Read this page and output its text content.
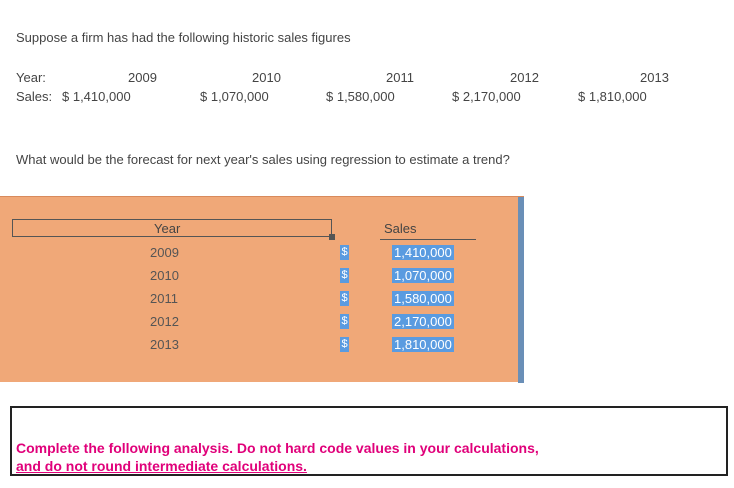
Suppose a firm has had the following historic sales figures
Year:	2009	2010	2011	2012	2013
Sales: $ 1,410,000	$ 1,070,000	$ 1,580,000	$ 2,170,000	$ 1,810,000
What would be the forecast for next year's sales using regression to estimate a trend?
Year	Sales
2009	$	1,410,000
2010	$	1,070,000
2011	$	1,580,000
2012	$	2,170,000
2013	$	1,810,000

Complete the following analysis. Do not hard code values in your calculations,

and do not round intermediate calculations.
